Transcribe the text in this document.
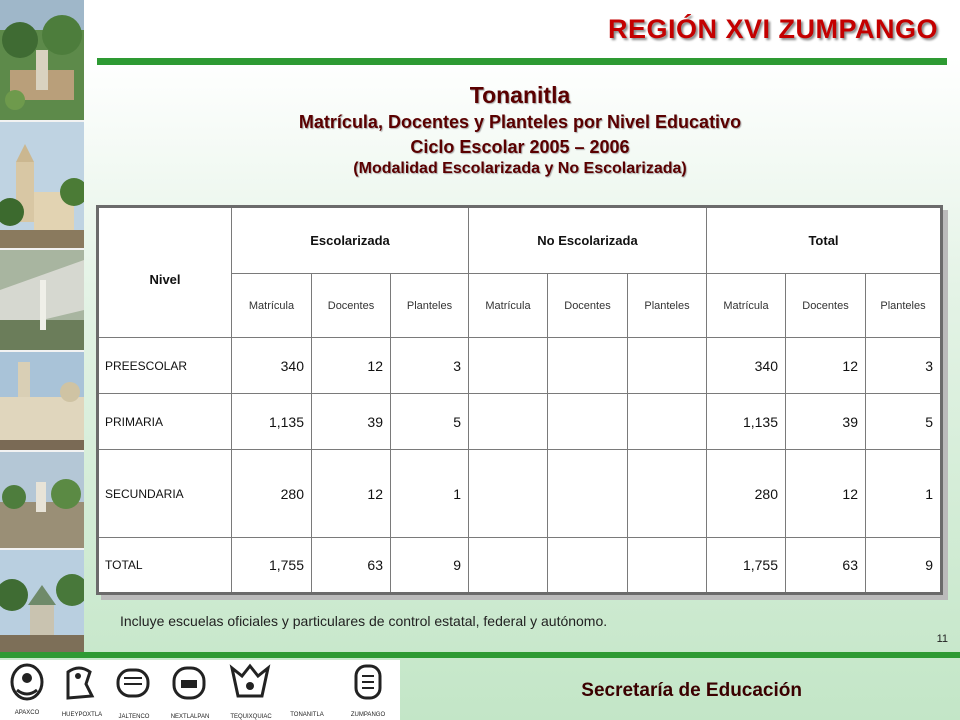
REGIÓN XVI ZUMPANGO
Tonanitla
Matrícula, Docentes y Planteles por Nivel Educativo
Ciclo Escolar 2005 – 2006
(Modalidad Escolarizada y No Escolarizada)
Nivel	Escolarizada			No Escolarizada			Total		
	Matrícula	Docentes	Planteles	Matrícula	Docentes	Planteles	Matrícula	Docentes	Planteles
PREESCOLAR	340	12	3				340	12	3
PRIMARIA	1,135	39	5				1,135	39	5
SECUNDARIA	280	12	1				280	12	1
TOTAL	1,755	63	9				1,755	63	9
Incluye escuelas oficiales y particulares de control estatal, federal y autónomo.
11
APAXCO	HUEYPOXTLA	JALTENCO	NEXTLALPAN	TEQUIXQUIAC	TONANITLA	ZUMPANGO
Secretaría de Educación
